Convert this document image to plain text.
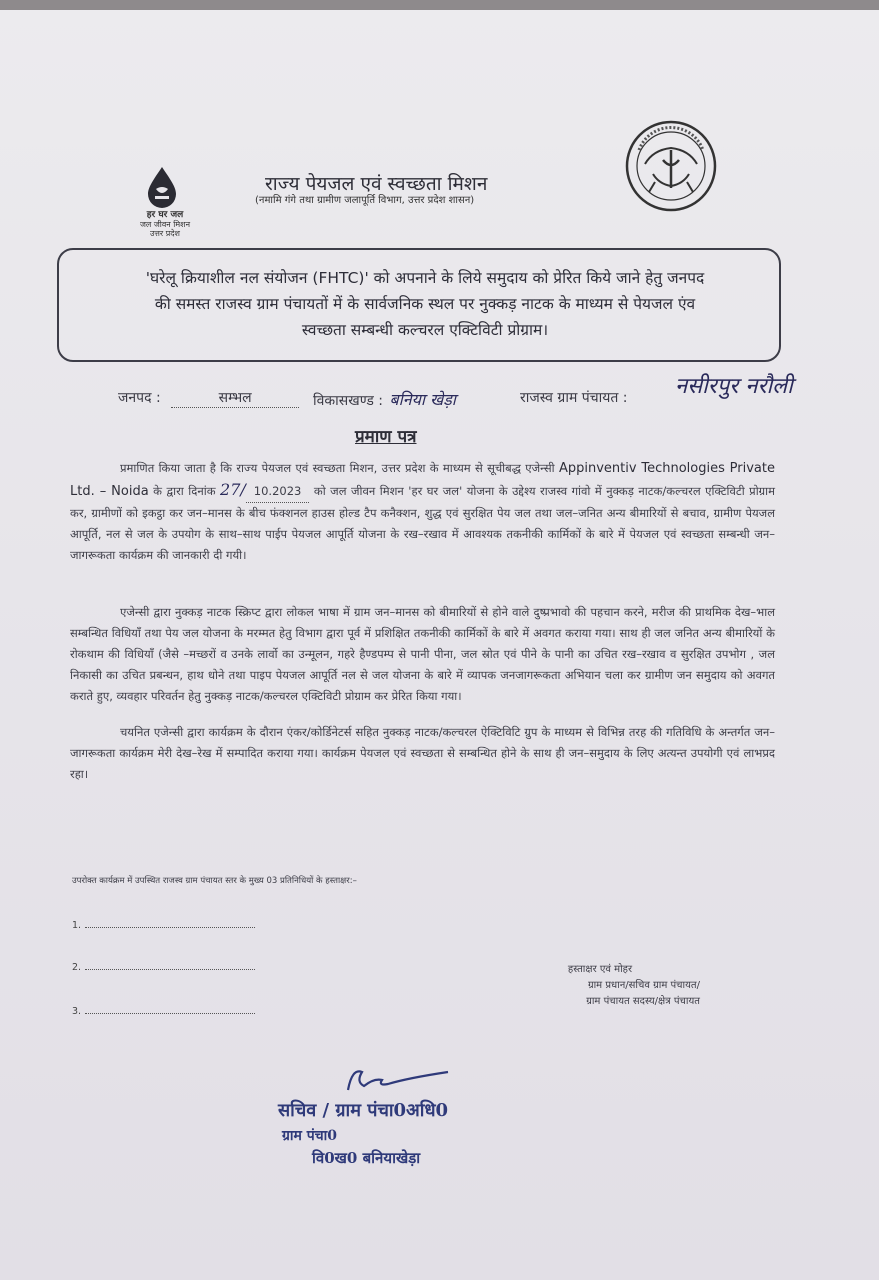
हर घर जल
जल जीवन मिशन
उत्तर प्रदेश
राज्य पेयजल एवं स्वच्छता मिशन
(नमामि गंगे तथा ग्रामीण जलापूर्ति विभाग, उत्तर प्रदेश शासन)
'घरेलू क्रियाशील नल संयोजन (FHTC)' को अपनाने के लिये समुदाय को प्रेरित किये जाने हेतु जनपद
की समस्त राजस्व ग्राम पंचायतों में के सार्वजनिक स्थल पर नुक्कड़ नाटक के माध्यम से पेयजल एंव
स्वच्छता सम्बन्धी कल्चरल एक्टिविटी प्रोग्राम।
जनपद :	सम्भल	विकासखण्ड : बनिया खेड़ा	राजस्व ग्राम पंचायत : नसीरपुर नरौली
प्रमाण पत्र
प्रमाणित किया जाता है कि राज्य पेयजल एवं स्वच्छता मिशन, उत्तर प्रदेश के माध्यम से सूचीबद्ध एजेन्सी Appinventiv Technologies Private Ltd. – Noida के द्वारा दिनांक 27/ 10.2023 को जल जीवन मिशन 'हर घर जल' योजना के उद्देश्य राजस्व गांवो में नुक्कड़ नाटक/कल्चरल एक्टिविटी प्रोग्राम कर, ग्रामीणों को इकट्ठा कर जन–मानस के बीच फंक्शनल हाउस होल्ड टैप कनैक्शन, शुद्ध एवं सुरक्षित पेय जल तथा जल–जनित अन्य बीमारियों से बचाव, ग्रामीण पेयजल आपूर्ति, नल से जल के उपयोग के साथ–साथ पाईप पेयजल आपूर्ति योजना के रख–रखाव में आवश्यक तकनीकी कार्मिकों के बारे में पेयजल एवं स्वच्छता सम्बन्धी जन–जागरूकता कार्यक्रम की जानकारी दी गयी।
एजेन्सी द्वारा नुक्कड़ नाटक स्क्रिप्ट द्वारा लोकल भाषा में ग्राम जन–मानस को बीमारियों से होने वाले दुष्प्रभावो की पहचान करने, मरीज की प्राथमिक देख–भाल सम्बन्धित विधियाँ तथा पेय जल योजना के मरम्मत हेतु विभाग द्वारा पूर्व में प्रशिक्षित तकनीकी कार्मिकों के बारे में अवगत कराया गया। साथ ही जल जनित अन्य बीमारियों के रोकथाम की विधियाँ (जैसे –मच्छरों व उनके लार्वो का उन्मूलन, गहरे हैण्डपम्प से पानी पीना, जल स्रोत एवं पीने के पानी का उचित रख–रखाव व सुरक्षित उपभोग , जल निकासी का उचित प्रबन्धन, हाथ धोने तथा पाइप पेयजल आपूर्ति नल से जल योजना के बारे में व्यापक जनजागरूकता अभियान चला कर ग्रामीण जन समुदाय को अवगत कराते हुए, व्यवहार परिवर्तन हेतु नुक्कड़ नाटक/कल्चरल एक्टिविटी प्रोग्राम कर प्रेरित किया गया।
चयनित एजेन्सी द्वारा कार्यक्रम के दौरान एंकर/कोर्डिनेटर्स सहित नुक्कड़ नाटक/कल्चरल ऐक्टिविटि ग्रुप के माध्यम से विभिन्न तरह की गतिविधि के अन्तर्गत जन–जागरूकता कार्यक्रम मेरी देख–रेख में सम्पादित कराया गया। कार्यक्रम पेयजल एवं स्वच्छता से सम्बन्धित होने के साथ ही जन–समुदाय के लिए अत्यन्त उपयोगी एवं लाभप्रद रहा।
उपरोक्त कार्यक्रम में उपस्थित राजस्व ग्राम पंचायत स्तर के मुख्य 03 प्रतिनिधियों के हस्ताक्षर:–
1.
2.
3.
हस्ताक्षर एवं मोहर
ग्राम प्रधान/सचिव ग्राम पंचायत/
ग्राम पंचायत सदस्य/क्षेत्र पंचायत
सचिव / ग्राम पंचा0अधि0
ग्राम पंचा0
वि0ख0 बनियाखेड़ा
